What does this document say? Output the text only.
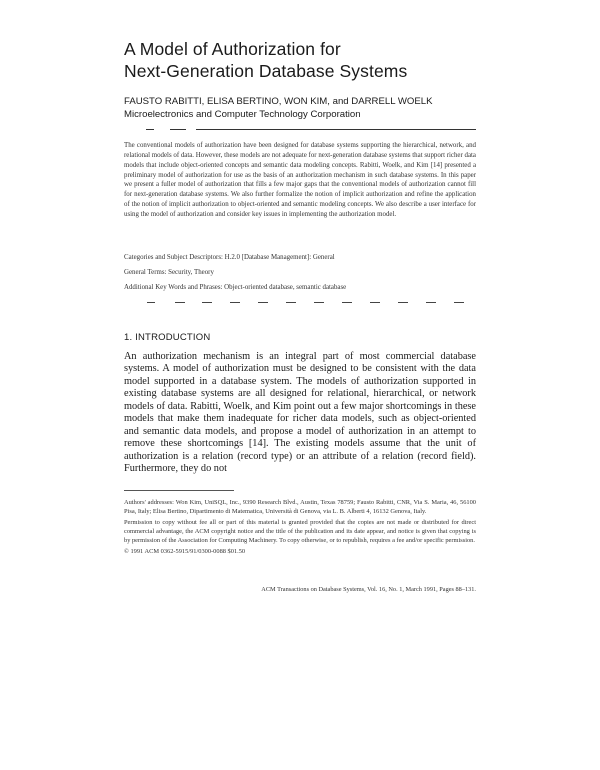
A Model of Authorization for
Next-Generation Database Systems
FAUSTO RABITTI, ELISA BERTINO, WON KIM, and DARRELL WOELK
Microelectronics and Computer Technology Corporation
The conventional models of authorization have been designed for database systems supporting the hierarchical, network, and relational models of data. However, these models are not adequate for next-generation database systems that support richer data models that include object-oriented concepts and semantic data modeling concepts. Rabitti, Woelk, and Kim [14] presented a preliminary model of authorization for use as the basis of an authorization mechanism in such database systems. In this paper we present a fuller model of authorization that fills a few major gaps that the conventional models of authorization cannot fill for next-generation database systems. We also further formalize the notion of implicit authorization and refine the application of the notion of implicit authorization to object-oriented and semantic modeling concepts. We also describe a user interface for using the model of authorization and consider key issues in implementing the authorization model.
Categories and Subject Descriptors: H.2.0 [Database Management]: General
General Terms: Security, Theory
Additional Key Words and Phrases: Object-oriented database, semantic database
1. INTRODUCTION

An authorization mechanism is an integral part of most commercial database systems. A model of authorization must be designed to be consistent with the data model supported in a database system. The models of authorization supported in existing database systems are all designed for relational, hierarchical, or network models of data. Rabitti, Woelk, and Kim point out a few major shortcomings in these models that make them inadequate for richer data models, such as object-oriented and semantic data models, and propose a model of authorization in an attempt to remove these shortcomings [14]. The existing models assume that the unit of authorization is a relation (record type) or an attribute of a relation (record field). Furthermore, they do not

Authors' addresses: Won Kim, UniSQL, Inc., 9390 Research Blvd., Austin, Texas 78759; Fausto Rabitti, CNR, Via S. Maria, 46, 56100 Pisa, Italy; Elisa Bertino, Dipartimento di Matematica, Università di Genova, via L. B. Alberti 4, 16132 Genova, Italy.

Permission to copy without fee all or part of this material is granted provided that the copies are not made or distributed for direct commercial advantage, the ACM copyright notice and the title of the publication and its date appear, and notice is given that copying is by permission of the Association for Computing Machinery. To copy otherwise, or to republish, requires a fee and/or specific permission.

© 1991 ACM 0362-5915/91/0300-0088 $01.50

ACM Transactions on Database Systems, Vol. 16, No. 1, March 1991, Pages 88–131.
